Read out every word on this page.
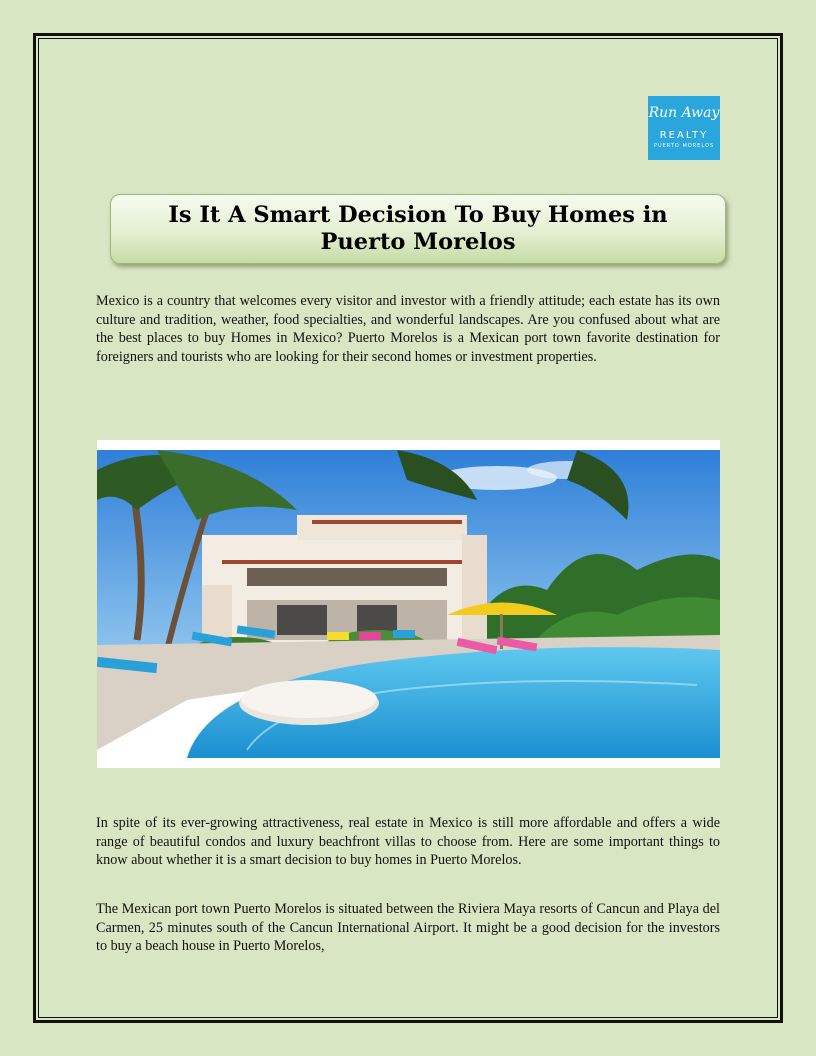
Run Away
REALTY
PUERTO MORELOS
Is It A Smart Decision To Buy Homes in Puerto Morelos

Mexico is a country that welcomes every visitor and investor with a friendly attitude; each estate has its own culture and tradition, weather, food specialties, and wonderful landscapes. Are you confused about what are the best places to buy Homes in Mexico? Puerto Morelos is a Mexican port town favorite destination for foreigners and tourists who are looking for their second homes or investment properties.

In spite of its ever-growing attractiveness, real estate in Mexico is still more affordable and offers a wide range of beautiful condos and luxury beachfront villas to choose from. Here are some important things to know about whether it is a smart decision to buy homes in Puerto Morelos.

The Mexican port town Puerto Morelos is situated between the Riviera Maya resorts of Cancun and Playa del Carmen, 25 minutes south of the Cancun International Airport. It might be a good decision for the investors to buy a beach house in Puerto Morelos,
